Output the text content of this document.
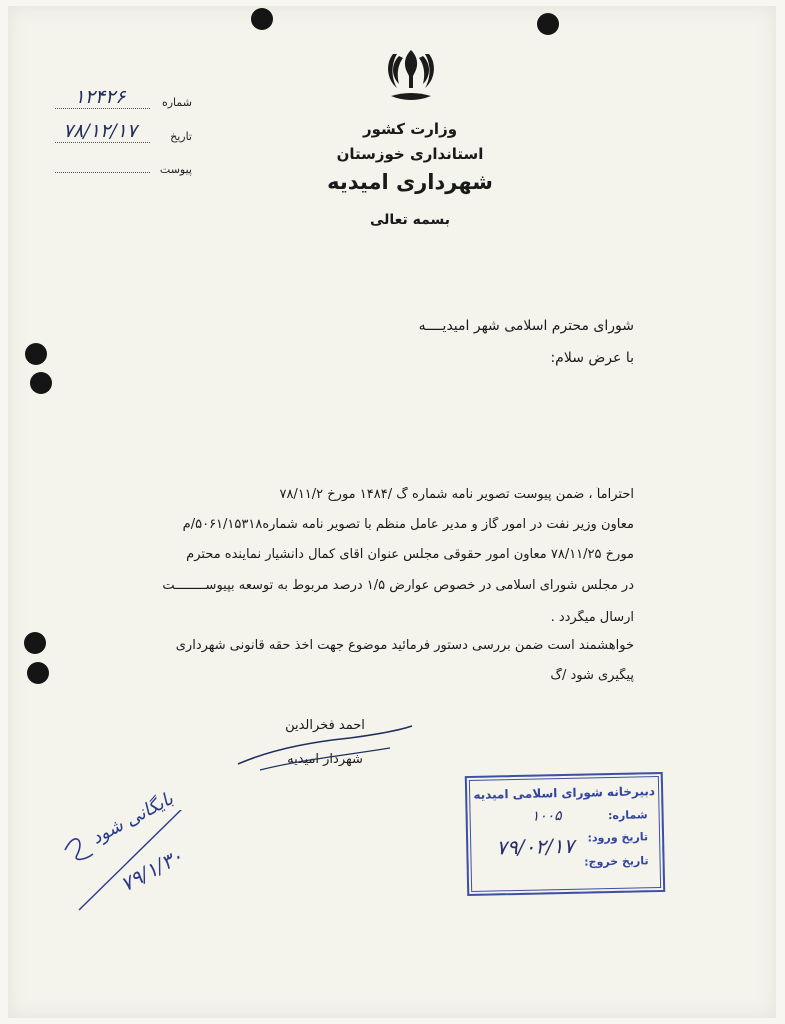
وزارت کشور
استانداری خوزستان
شهرداری امیدیه
بسمه تعالی
شماره
۱۲۴۲۶
تاریخ
۷۸/۱۲/۱۷
پیوست
شورای محترم اسلامی شهر امیدیــــه
با عرض سلام:
احتراماً ، ضمن پیوست تصویر نامه شماره گ /۱۴۸۴ مورخ ۷۸/۱۱/۲
معاون وزیر نفت در امور گاز و مدیر عامل منظم با تصویر نامه شماره۵۰۶۱/۱۵۳۱۸/م
مورخ ۷۸/۱۱/۲۵ معاون امور حقوقی مجلس عنوان آقای کمال دانشیار نماینده محترم
در مجلس شورای اسلامی در خصوص عوارض ۱/۵ درصد مربوط به توسعه بپیوســــــــت
ارسال میگردد .
خواهشمند است ضمن بررسی دستور فرمائید موضوع جهت اخذ حقه قانونی شهرداری
پیگیری شود /گ
احمد فخرالدین
شهردار امیدیه
دبیرخانه شورای اسلامی امیدیه
شماره:
۱۰۰۵
تاریخ ورود:
۷۹/۰۲/۱۷
تاریخ خروج:
بایگانی شود
۷۹/۱/۳۰
